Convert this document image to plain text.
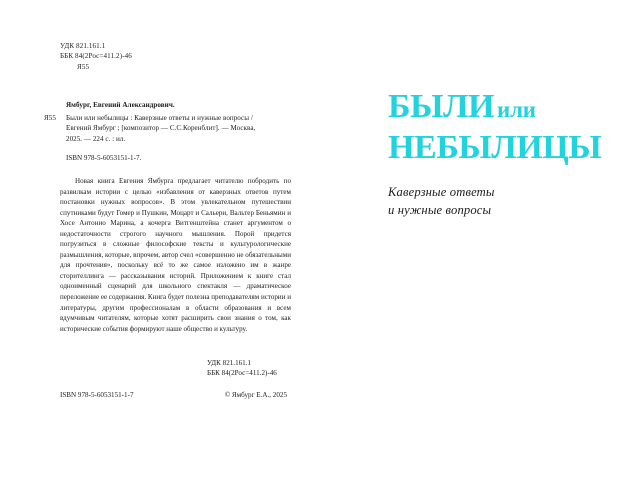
УДК 821.161.1
ББК 84(2Рос=411.2)-46
Я55
Ямбург, Евгений Александрович.
Я55	Были или небылицы : Каверзные ответы и нужные вопросы /
Евгений Ямбург ; [композитор — С.С.Коренблит]. — Москва,
2025. — 224 с. : ил.
ISBN 978-5-6053151-1-7.
Новая книга Евгения Ямбурга предлагает читателю побродить по развилкам истории с целью «избавления от каверзных ответов путем постановки нужных вопросов». В этом увлекательном путешествии спутниками будут Гомер и Пушкин, Моцарт и Сальери, Вальтер Беньямин и Хосе Антонио Марина, а кочерга Витгенштейна станет аргументом о недостаточности строгого научного мышления. Порой придется погрузиться в сложные философские тексты и культурологические размышления, которые, впрочем, автор счел «совершенно не обязательными для прочтения», поскольку всё то же самое изложено им в жанре сторителлинга — рассказывания историй. Приложением к книге стал одноименный сценарий для школьного спектакля — драматическое переложение ее содержания. Книга будет полезна преподавателям истории и литературы, другим профессионалам в области образования и всем вдумчивым читателям, которые хотят расширить свои знания о том, как исторические события формируют наше общество и культуру.
УДК 821.161.1
ББК 84(2Рос=411.2)-46
ISBN 978-5-6053151-1-7	© Ямбург Е.А., 2025
БЫЛИ или
НЕБЫЛИЦЫ
Каверзные ответы
и нужные вопросы
